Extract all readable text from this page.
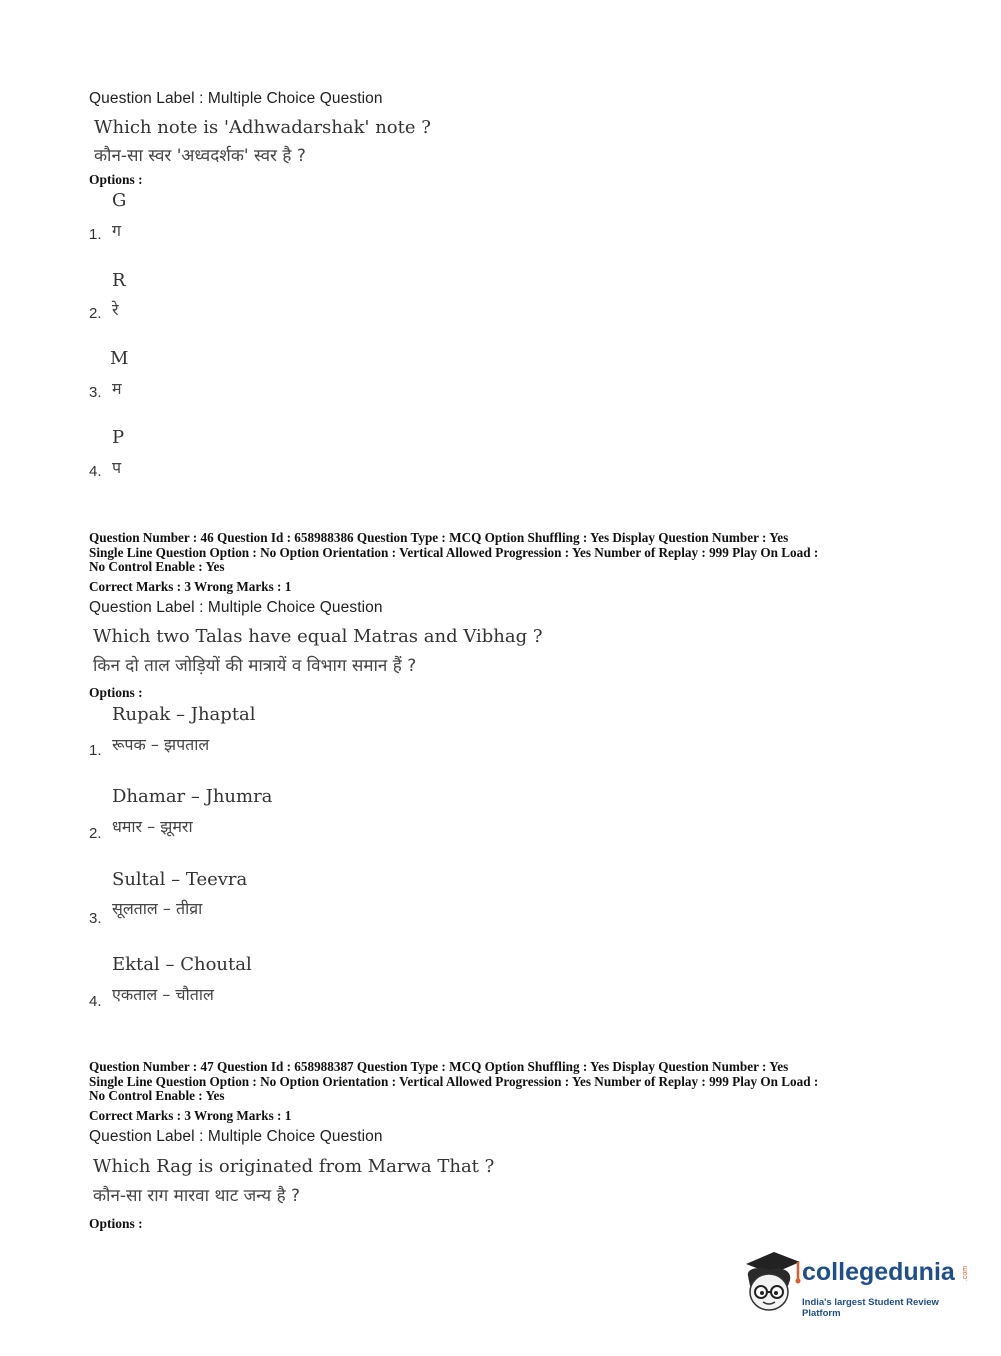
Question Label : Multiple Choice Question
Which note is 'Adhwadarshak' note ?
कौन-सा स्वर 'अध्वदर्शक' स्वर है ?
Options :
G
ग
1.
R
रे
2.
M
म
3.
P
प
4.
Question Number : 46 Question Id : 658988386 Question Type : MCQ Option Shuffling : Yes Display Question Number : Yes
Single Line Question Option : No Option Orientation : Vertical Allowed Progression : Yes Number of Replay : 999 Play On Load :
No Control Enable : Yes
Correct Marks : 3 Wrong Marks : 1
Question Label : Multiple Choice Question
Which two Talas have equal Matras and Vibhag ?
किन दो ताल जोड़ियों की मात्रायें व विभाग समान हैं ?
Options :
Rupak – Jhaptal
रूपक – झपताल
1.
Dhamar – Jhumra
धमार – झूमरा
2.
Sultal – Teevra
सूलताल – तीव्रा
3.
Ektal – Choutal
एकताल – चौताल
4.
Question Number : 47 Question Id : 658988387 Question Type : MCQ Option Shuffling : Yes Display Question Number : Yes
Single Line Question Option : No Option Orientation : Vertical Allowed Progression : Yes Number of Replay : 999 Play On Load :
No Control Enable : Yes
Correct Marks : 3 Wrong Marks : 1
Question Label : Multiple Choice Question
Which Rag is originated from Marwa That ?
कौन-सा राग मारवा थाट जन्य है ?
Options :
collegedunia .com
India's largest Student Review Platform
